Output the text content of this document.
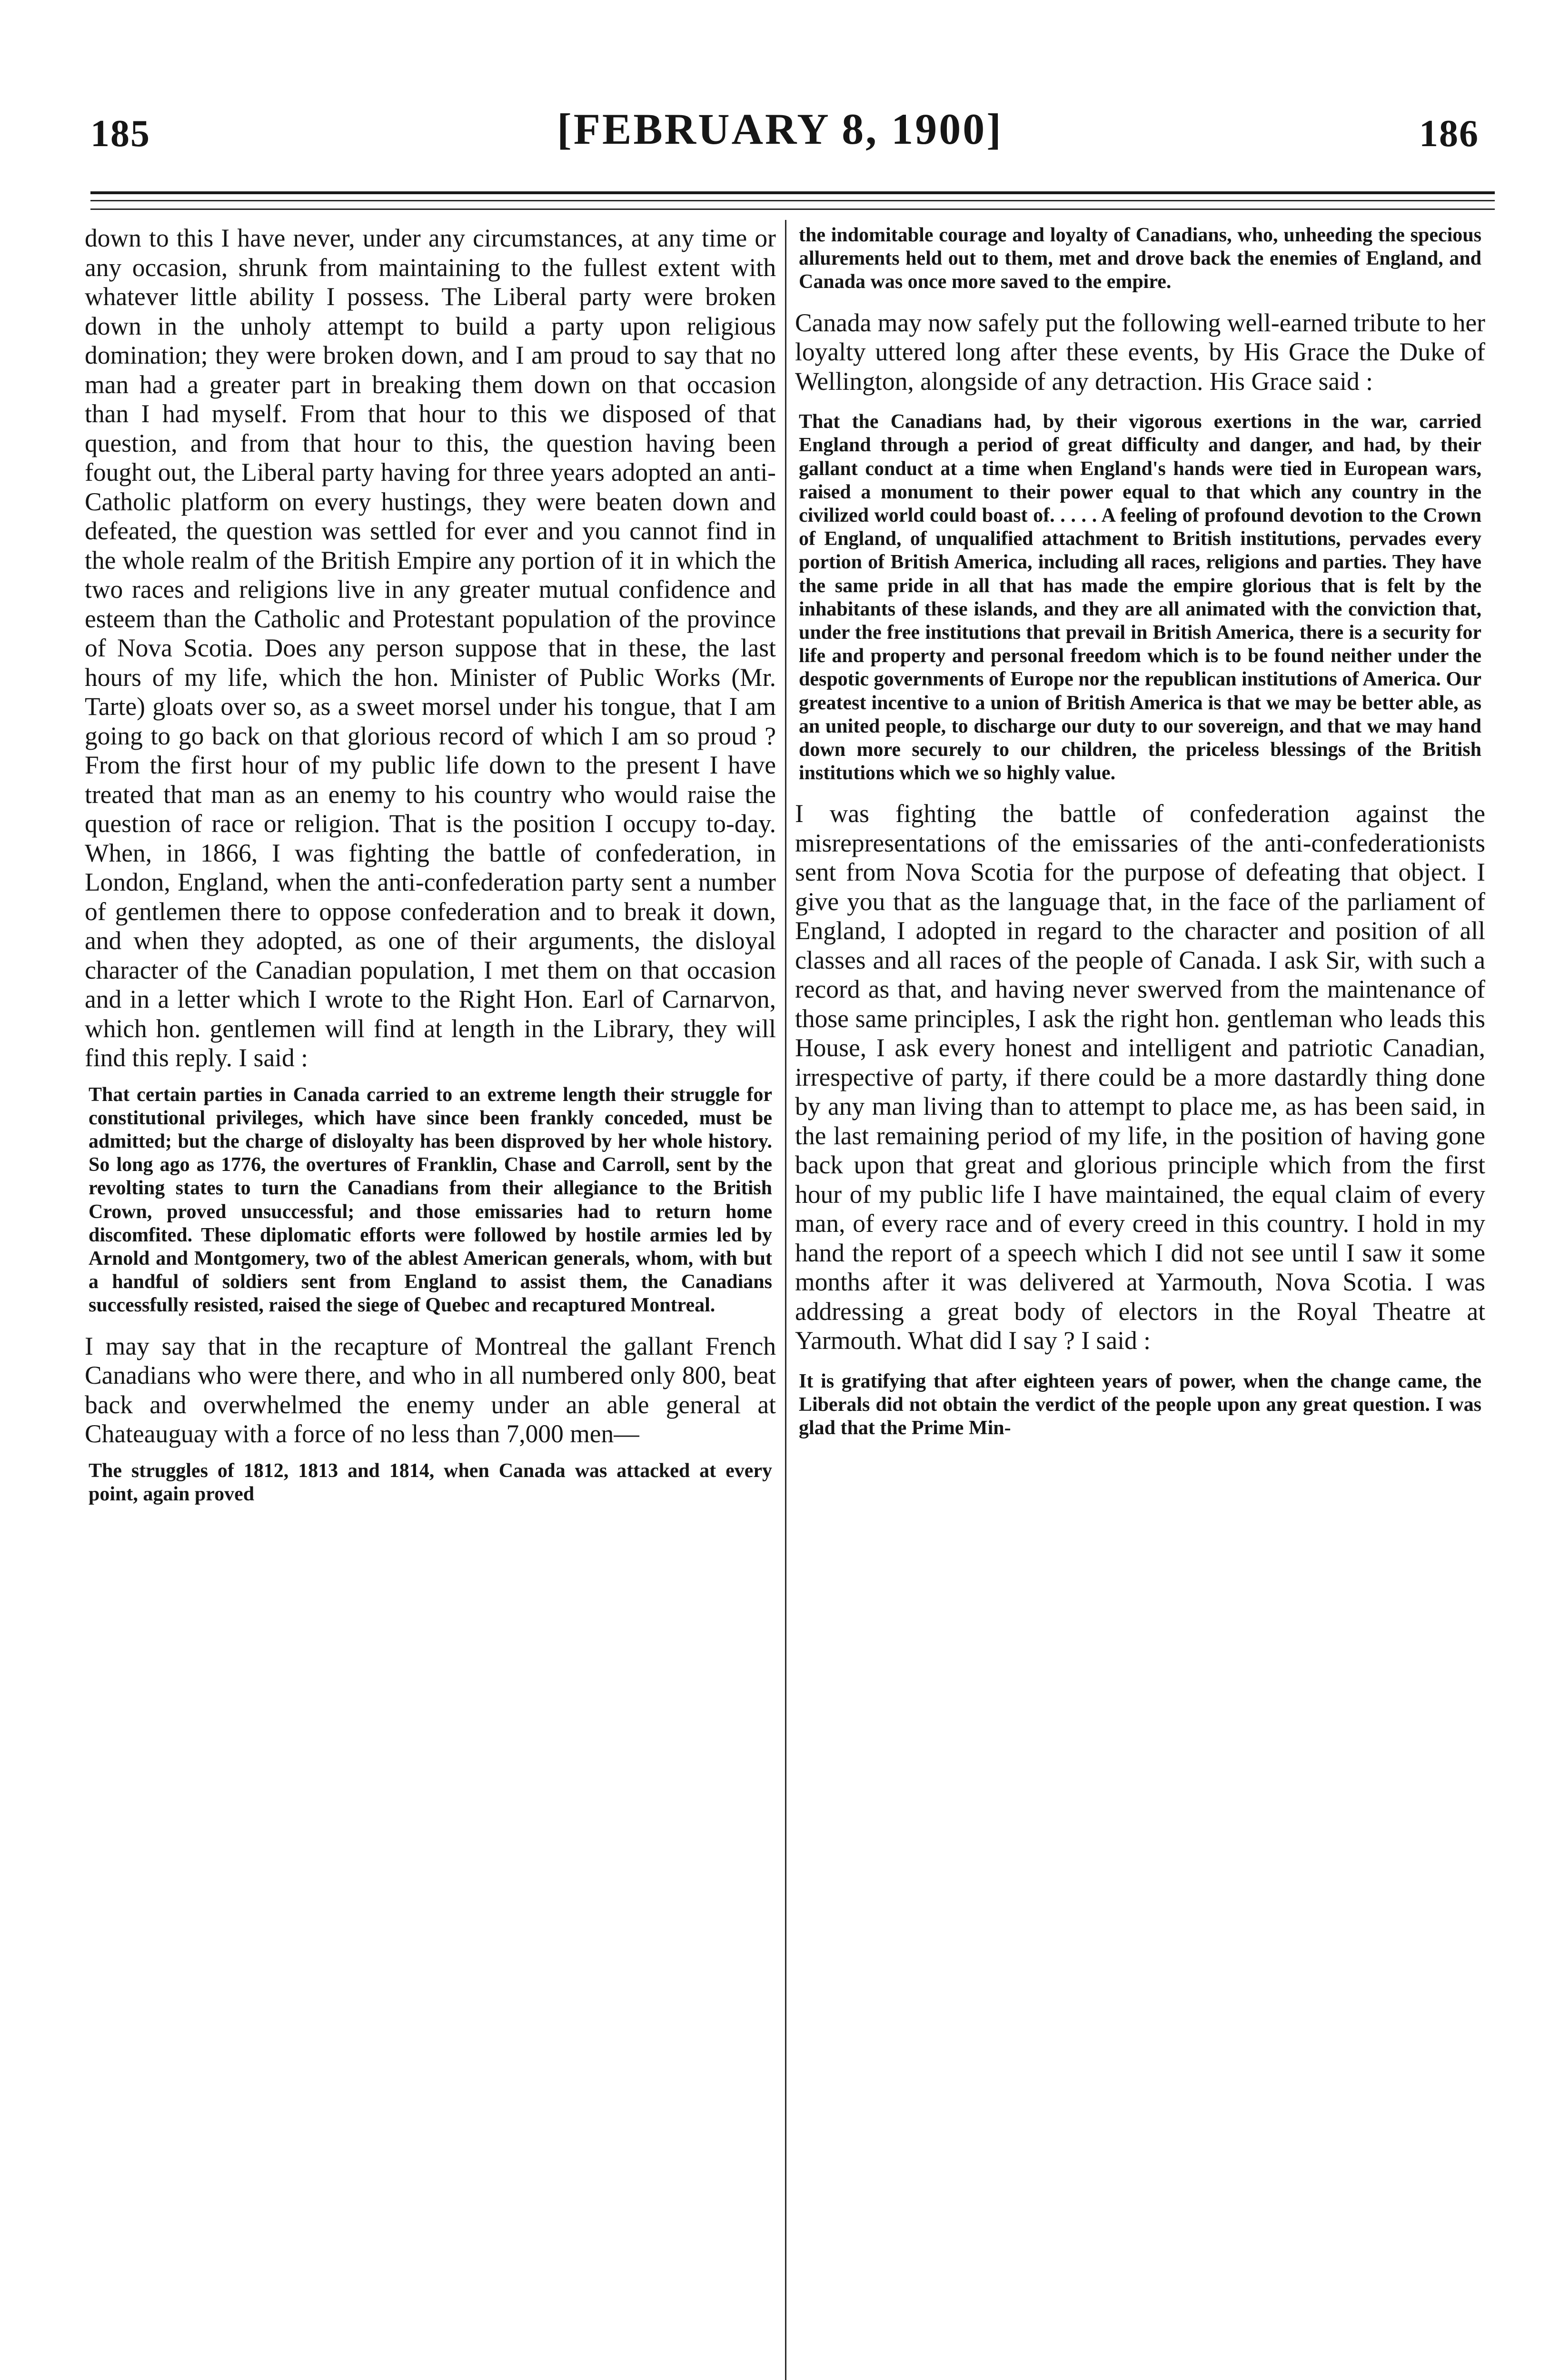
185	[FEBRUARY 8, 1900]	186

down to this I have never, under any circumstances, at any time or any occasion, shrunk from maintaining to the fullest extent with whatever little ability I possess. The Liberal party were broken down in the unholy attempt to build a party upon religious domination; they were broken down, and I am proud to say that no man had a greater part in breaking them down on that occasion than I had myself. From that hour to this we disposed of that question, and from that hour to this, the question having been fought out, the Liberal party having for three years adopted an anti-Catholic platform on every hustings, they were beaten down and defeated, the question was settled for ever and you cannot find in the whole realm of the British Empire any portion of it in which the two races and religions live in any greater mutual confidence and esteem than the Catholic and Protestant population of the province of Nova Scotia. Does any person suppose that in these, the last hours of my life, which the hon. Minister of Public Works (Mr. Tarte) gloats over so, as a sweet morsel under his tongue, that I am going to go back on that glorious record of which I am so proud ? From the first hour of my public life down to the present I have treated that man as an enemy to his country who would raise the question of race or religion. That is the position I occupy to-day. When, in 1866, I was fighting the battle of confederation, in London, England, when the anti-confederation party sent a number of gentlemen there to oppose confederation and to break it down, and when they adopted, as one of their arguments, the disloyal character of the Canadian population, I met them on that occasion and in a letter which I wrote to the Right Hon. Earl of Carnarvon, which hon. gentlemen will find at length in the Library, they will find this reply. I said :

That certain parties in Canada carried to an extreme length their struggle for constitutional privileges, which have since been frankly conceded, must be admitted; but the charge of disloyalty has been disproved by her whole history. So long ago as 1776, the overtures of Franklin, Chase and Carroll, sent by the revolting states to turn the Canadians from their allegiance to the British Crown, proved unsuccessful; and those emissaries had to return home discomfited. These diplomatic efforts were followed by hostile armies led by Arnold and Montgomery, two of the ablest American generals, whom, with but a handful of soldiers sent from England to assist them, the Canadians successfully resisted, raised the siege of Quebec and recaptured Montreal.

I may say that in the recapture of Montreal the gallant French Canadians who were there, and who in all numbered only 800, beat back and overwhelmed the enemy under an able general at Chateauguay with a force of no less than 7,000 men—

The struggles of 1812, 1813 and 1814, when Canada was attacked at every point, again proved

the indomitable courage and loyalty of Canadians, who, unheeding the specious allurements held out to them, met and drove back the enemies of England, and Canada was once more saved to the empire.

Canada may now safely put the following well-earned tribute to her loyalty uttered long after these events, by His Grace the Duke of Wellington, alongside of any detraction. His Grace said :

That the Canadians had, by their vigorous exertions in the war, carried England through a period of great difficulty and danger, and had, by their gallant conduct at a time when England's hands were tied in European wars, raised a monument to their power equal to that which any country in the civilized world could boast of. . . . . A feeling of profound devotion to the Crown of England, of unqualified attachment to British institutions, pervades every portion of British America, including all races, religions and parties. They have the same pride in all that has made the empire glorious that is felt by the inhabitants of these islands, and they are all animated with the conviction that, under the free institutions that prevail in British America, there is a security for life and property and personal freedom which is to be found neither under the despotic governments of Europe nor the republican institutions of America. Our greatest incentive to a union of British America is that we may be better able, as an united people, to discharge our duty to our sovereign, and that we may hand down more securely to our children, the priceless blessings of the British institutions which we so highly value.

I was fighting the battle of confederation against the misrepresentations of the emissaries of the anti-confederationists sent from Nova Scotia for the purpose of defeating that object. I give you that as the language that, in the face of the parliament of England, I adopted in regard to the character and position of all classes and all races of the people of Canada. I ask Sir, with such a record as that, and having never swerved from the maintenance of those same principles, I ask the right hon. gentleman who leads this House, I ask every honest and intelligent and patriotic Canadian, irrespective of party, if there could be a more dastardly thing done by any man living than to attempt to place me, as has been said, in the last remaining period of my life, in the position of having gone back upon that great and glorious principle which from the first hour of my public life I have maintained, the equal claim of every man, of every race and of every creed in this country. I hold in my hand the report of a speech which I did not see until I saw it some months after it was delivered at Yarmouth, Nova Scotia. I was addressing a great body of electors in the Royal Theatre at Yarmouth. What did I say ? I said :

It is gratifying that after eighteen years of power, when the change came, the Liberals did not obtain the verdict of the people upon any great question. I was glad that the Prime Min-
